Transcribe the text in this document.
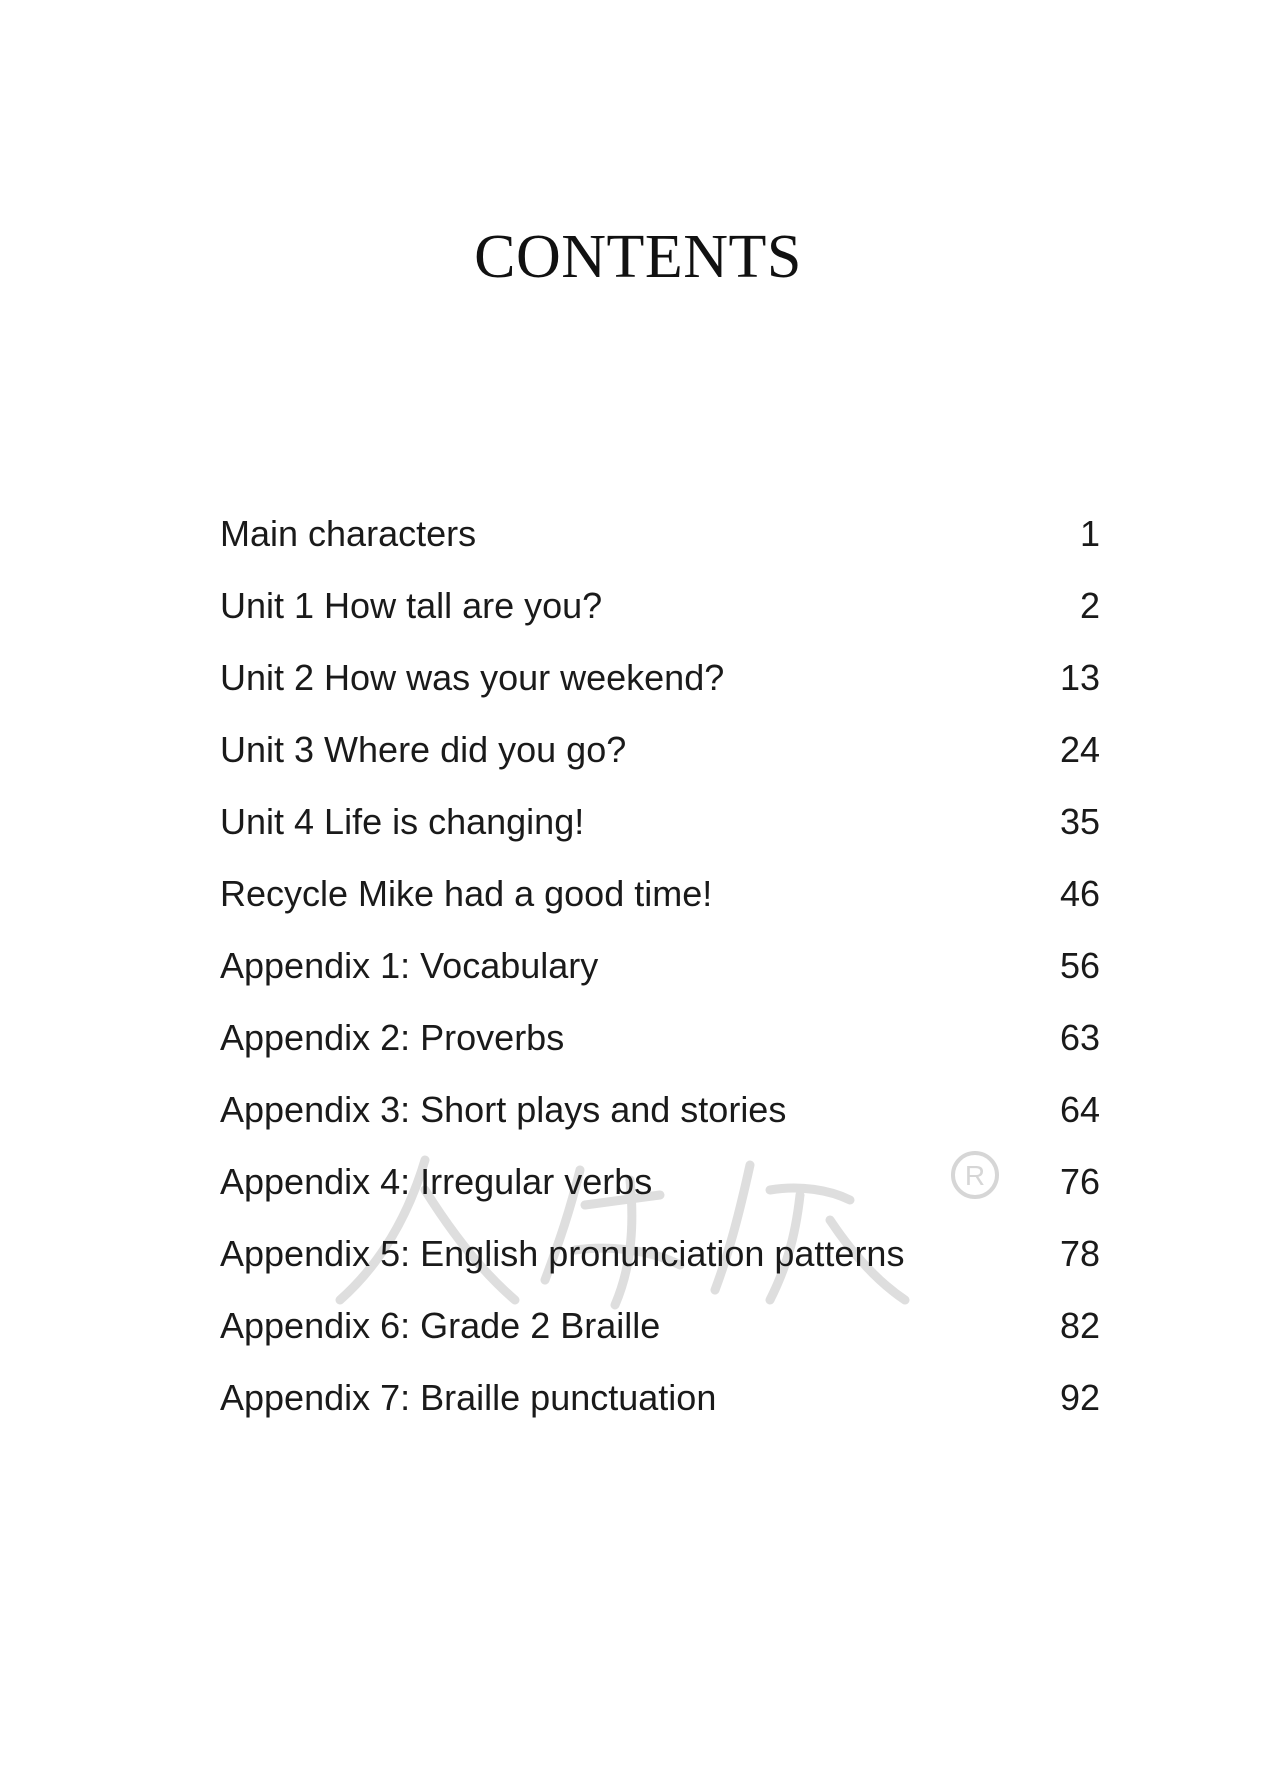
CONTENTS
R
Main characters	1
Unit 1 How tall are you?	2
Unit 2 How was your weekend?	13
Unit 3 Where did you go?	24
Unit 4 Life is changing!	35
Recycle Mike had a good time!	46
Appendix 1: Vocabulary	56
Appendix 2: Proverbs	63
Appendix 3: Short plays and stories	64
Appendix 4: Irregular verbs	76
Appendix 5: English pronunciation patterns	78
Appendix 6: Grade 2 Braille	82
Appendix 7: Braille punctuation	92
